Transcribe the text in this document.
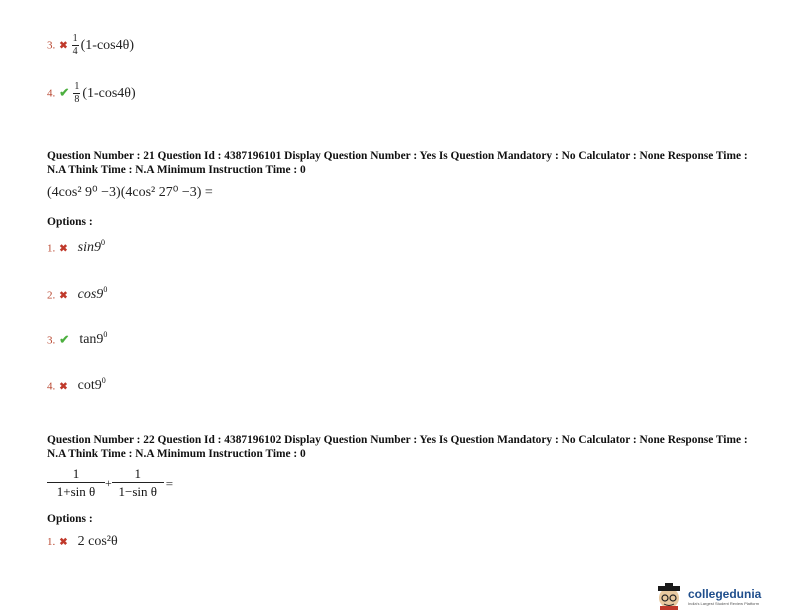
3. ✖ $\frac{1}{4} (1-\cos 4\theta)$
4. ✔ $\frac{1}{8} (1-\cos 4\theta)$
Question Number : 21 Question Id : 4387196101 Display Question Number : Yes Is Question Mandatory : No Calculator : None Response Time : N.A Think Time : N.A Minimum Instruction Time : 0
(4cos² 9⁰ −3)(4cos² 27⁰ −3) =
Options :
1. ✖ $\sin 9^0$
2. ✖ $\cos 9^0$
3. ✔ $\tan 9^0$
4. ✖ $\cot 9^0$
Question Number : 22 Question Id : 4387196102 Display Question Number : Yes Is Question Mandatory : No Calculator : None Response Time : N.A Think Time : N.A Minimum Instruction Time : 0
$\frac{1}{\text{1+sin θ}} + \frac{1}{\text{1−sin θ}}$ =
Options :
1. ✖ 2 cos²θ
collegedunia
India's Largest Student Review Platform
